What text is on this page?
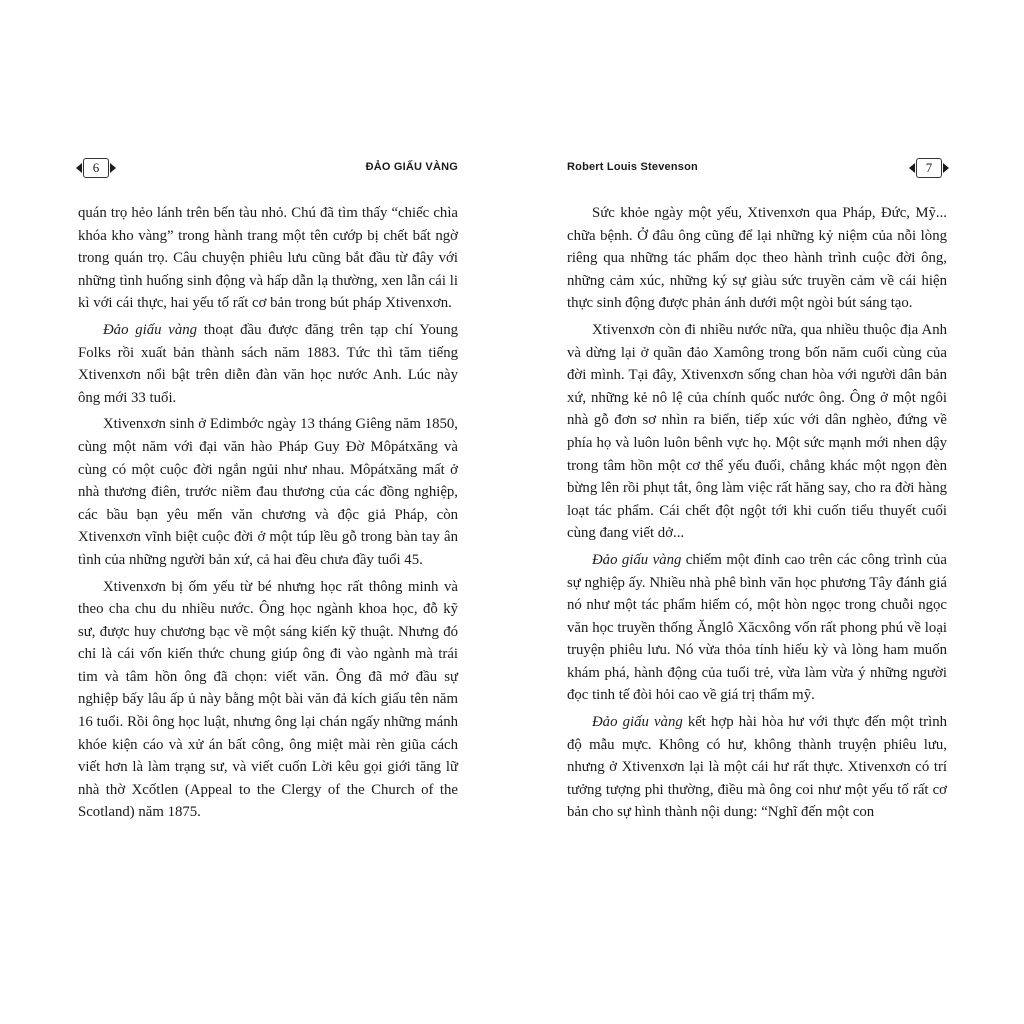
6	ĐẢO GIẤU VÀNG

quán trọ hẻo lánh trên bến tàu nhỏ. Chú đã tìm thấy “chiếc chìa khóa kho vàng” trong hành trang một tên cướp bị chết bất ngờ trong quán trọ. Câu chuyện phiêu lưu cũng bắt đầu từ đây với những tình huống sinh động và hấp dẫn lạ thường, xen lẫn cái li kì với cái thực, hai yếu tố rất cơ bản trong bút pháp Xtivenxơn.

Đảo giấu vàng thoạt đầu được đăng trên tạp chí Young Folks rồi xuất bản thành sách năm 1883. Tức thì tăm tiếng Xtivenxơn nổi bật trên diễn đàn văn học nước Anh. Lúc này ông mới 33 tuổi.

Xtivenxơn sinh ở Edimbớc ngày 13 tháng Giêng năm 1850, cùng một năm với đại văn hào Pháp Guy Đờ Môpátxăng và cùng có một cuộc đời ngắn ngủi như nhau. Môpátxăng mất ở nhà thương điên, trước niềm đau thương của các đồng nghiệp, các bầu bạn yêu mến văn chương và độc giả Pháp, còn Xtivenxơn vĩnh biệt cuộc đời ở một túp lều gỗ trong bàn tay ân tình của những người bản xứ, cả hai đều chưa đầy tuổi 45.

Xtivenxơn bị ốm yếu từ bé nhưng học rất thông minh và theo cha chu du nhiều nước. Ông học ngành khoa học, đỗ kỹ sư, được huy chương bạc về một sáng kiến kỹ thuật. Nhưng đó chỉ là cái vốn kiến thức chung giúp ông đi vào ngành mà trái tim và tâm hồn ông đã chọn: viết văn. Ông đã mở đầu sự nghiệp bấy lâu ấp ủ này bằng một bài văn đả kích giấu tên năm 16 tuổi. Rồi ông học luật, nhưng ông lại chán ngấy những mánh khóe kiện cáo và xử án bất công, ông miệt mài rèn giũa cách viết hơn là làm trạng sư, và viết cuốn Lời kêu gọi giới tăng lữ nhà thờ Xcốtlen (Appeal to the Clergy of the Church of the Scotland) năm 1875.

Robert Louis Stevenson	7

Sức khỏe ngày một yếu, Xtivenxơn qua Pháp, Đức, Mỹ... chữa bệnh. Ở đâu ông cũng để lại những kỷ niệm của nỗi lòng riêng qua những tác phẩm dọc theo hành trình cuộc đời ông, những cảm xúc, những ký sự giàu sức truyền cảm về cái hiện thực sinh động được phản ánh dưới một ngòi bút sáng tạo.

Xtivenxơn còn đi nhiều nước nữa, qua nhiều thuộc địa Anh và dừng lại ở quần đảo Xamông trong bốn năm cuối cùng của đời mình. Tại đây, Xtivenxơn sống chan hòa với người dân bản xứ, những kẻ nô lệ của chính quốc nước ông. Ông ở một ngôi nhà gỗ đơn sơ nhìn ra biển, tiếp xúc với dân nghèo, đứng về phía họ và luôn luôn bênh vực họ. Một sức mạnh mới nhen dậy trong tâm hồn một cơ thể yếu đuối, chẳng khác một ngọn đèn bừng lên rồi phụt tắt, ông làm việc rất hăng say, cho ra đời hàng loạt tác phẩm. Cái chết đột ngột tới khi cuốn tiểu thuyết cuối cùng đang viết dở...

Đảo giấu vàng chiếm một đỉnh cao trên các công trình của sự nghiệp ấy. Nhiều nhà phê bình văn học phương Tây đánh giá nó như một tác phẩm hiếm có, một hòn ngọc trong chuỗi ngọc văn học truyền thống Ănglô Xăcxông vốn rất phong phú về loại truyện phiêu lưu. Nó vừa thỏa tính hiếu kỳ và lòng ham muốn khám phá, hành động của tuổi trẻ, vừa làm vừa ý những người đọc tinh tế đòi hỏi cao về giá trị thẩm mỹ.

Đảo giấu vàng kết hợp hài hòa hư với thực đến một trình độ mẫu mực. Không có hư, không thành truyện phiêu lưu, nhưng ở Xtivenxơn lại là một cái hư rất thực. Xtivenxơn có trí tưởng tượng phi thường, điều mà ông coi như một yếu tố rất cơ bản cho sự hình thành nội dung: “Nghĩ đến một con
